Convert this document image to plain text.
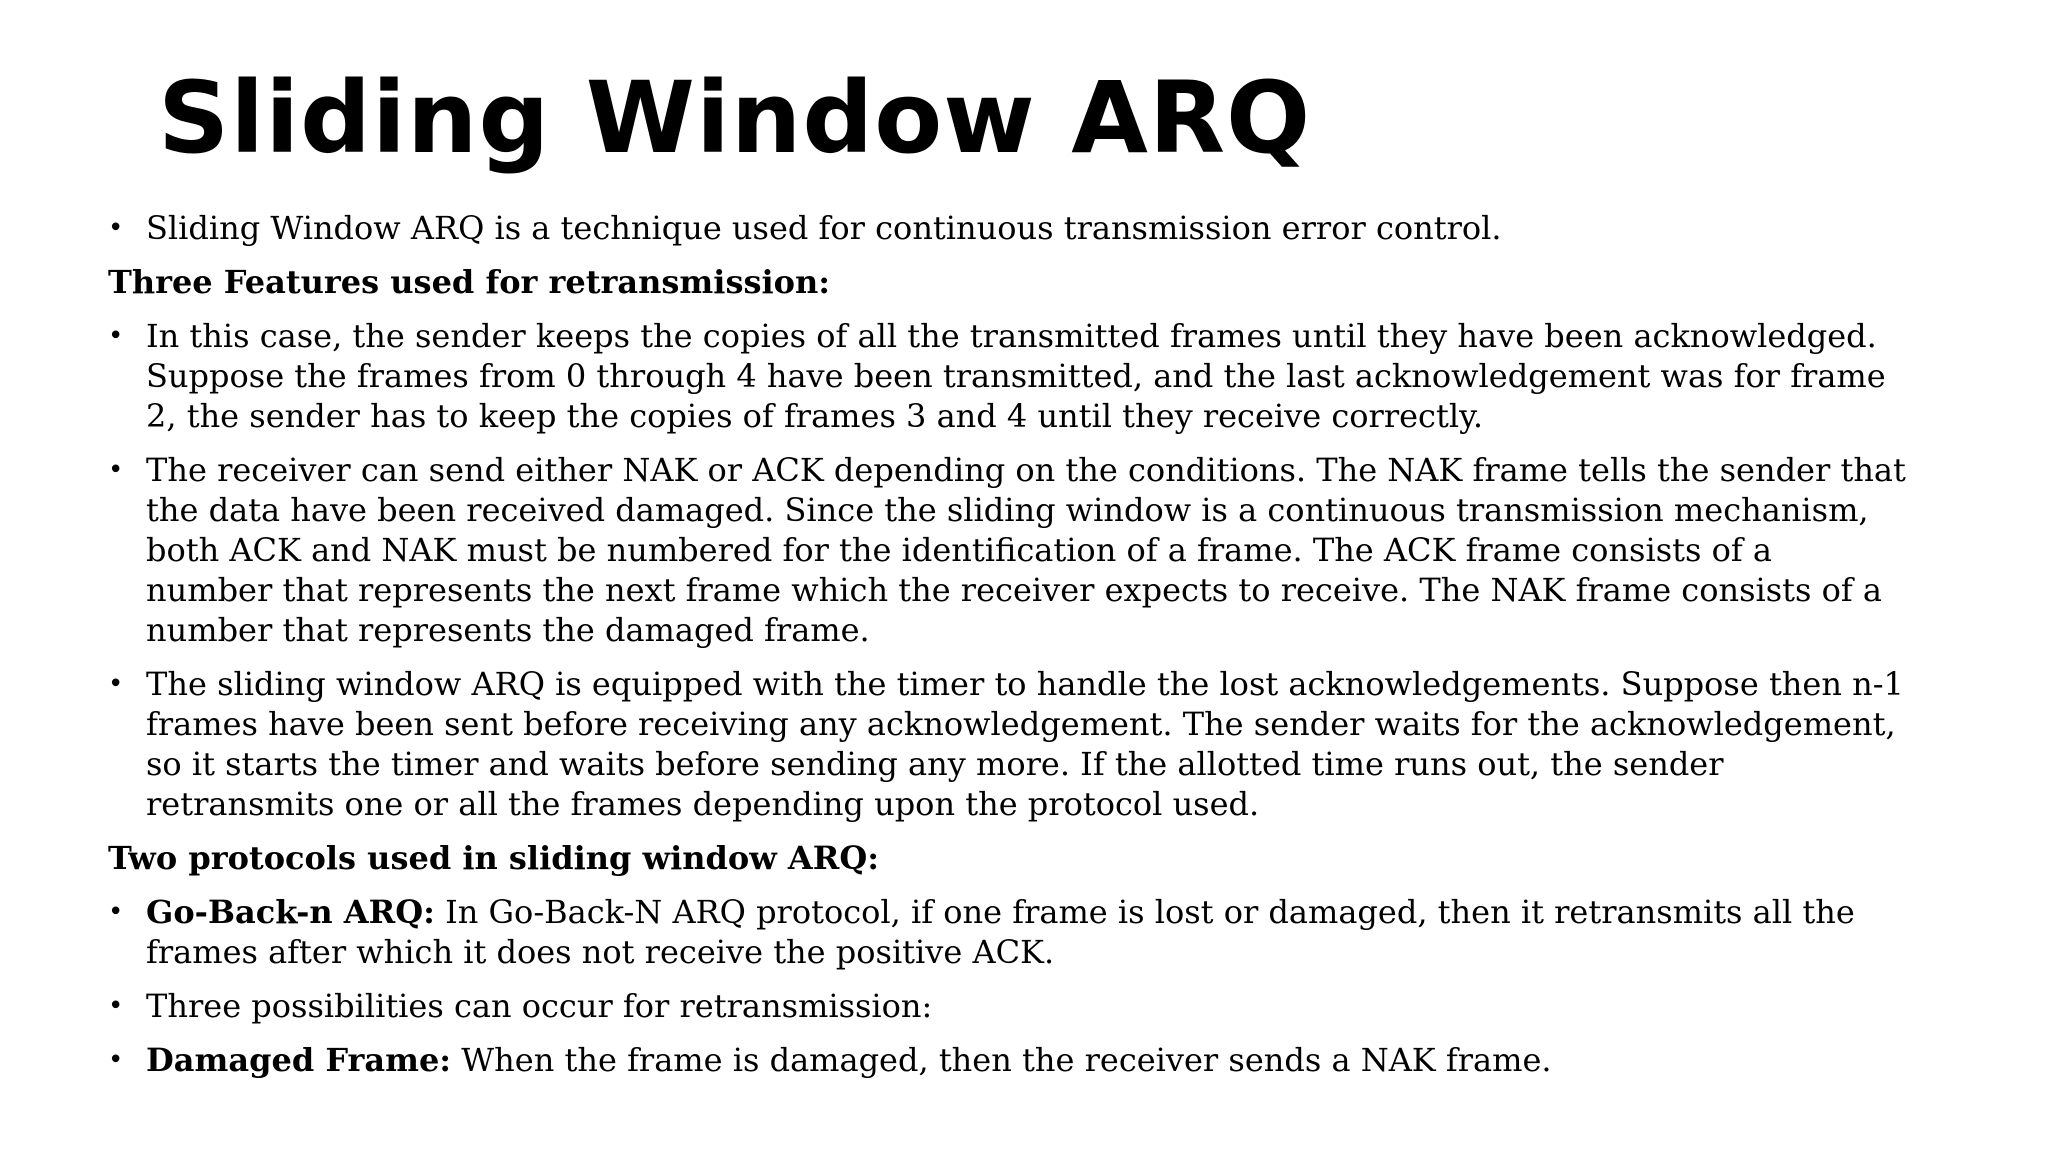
Sliding Window ARQ
• Sliding Window ARQ is a technique used for continuous transmission error control.
Three Features used for retransmission:
• In this case, the sender keeps the copies of all the transmitted frames until they have been acknowledged. Suppose the frames from 0 through 4 have been transmitted, and the last acknowledgement was for frame 2, the sender has to keep the copies of frames 3 and 4 until they receive correctly.
• The receiver can send either NAK or ACK depending on the conditions. The NAK frame tells the sender that the data have been received damaged. Since the sliding window is a continuous transmission mechanism, both ACK and NAK must be numbered for the identification of a frame. The ACK frame consists of a number that represents the next frame which the receiver expects to receive. The NAK frame consists of a number that represents the damaged frame.
• The sliding window ARQ is equipped with the timer to handle the lost acknowledgements. Suppose then n-1 frames have been sent before receiving any acknowledgement. The sender waits for the acknowledgement, so it starts the timer and waits before sending any more. If the allotted time runs out, the sender retransmits one or all the frames depending upon the protocol used.
Two protocols used in sliding window ARQ:
• Go-Back-n ARQ: In Go-Back-N ARQ protocol, if one frame is lost or damaged, then it retransmits all the frames after which it does not receive the positive ACK.
• Three possibilities can occur for retransmission:
• Damaged Frame: When the frame is damaged, then the receiver sends a NAK frame.
